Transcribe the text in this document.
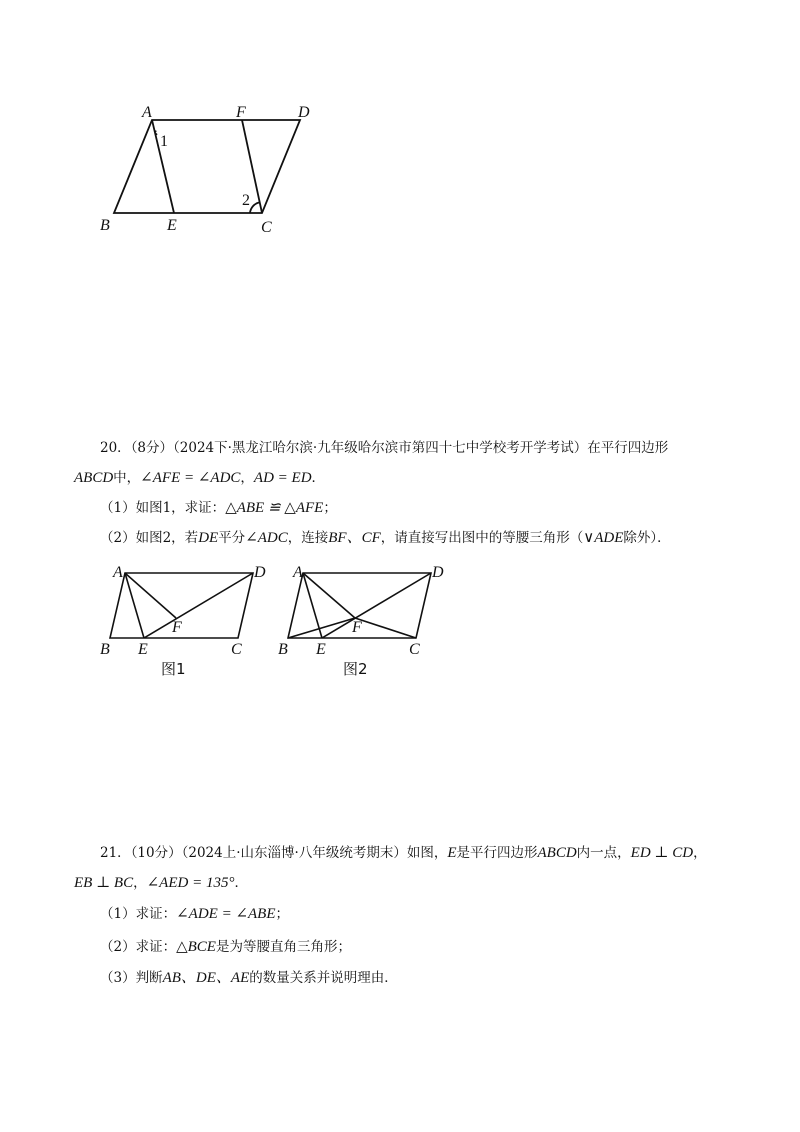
A	F	D
B	E	C
1
2
20．（8分）（2024下·黑龙江哈尔滨·九年级哈尔滨市第四十七中学校考开学考试）在平行四边形
ABCD中，∠AFE = ∠ADC，AD = ED．
（1）如图1，求证：△ABE ≌ △AFE；
（2）如图2，若DE平分∠ADC，连接BF、CF，请直接写出图中的等腰三角形（∨ADE除外）．
A	D
F
B E	C
图1
A	D
F
B E	C
图2
21．（10分）（2024上·山东淄博·八年级统考期末）如图，E是平行四边形ABCD内一点，ED ⊥ CD，
EB ⊥ BC，∠AED = 135°．
（1）求证：∠ADE = ∠ABE；
（2）求证：△BCE是为等腰直角三角形；
（3）判断AB、DE、AE的数量关系并说明理由．
